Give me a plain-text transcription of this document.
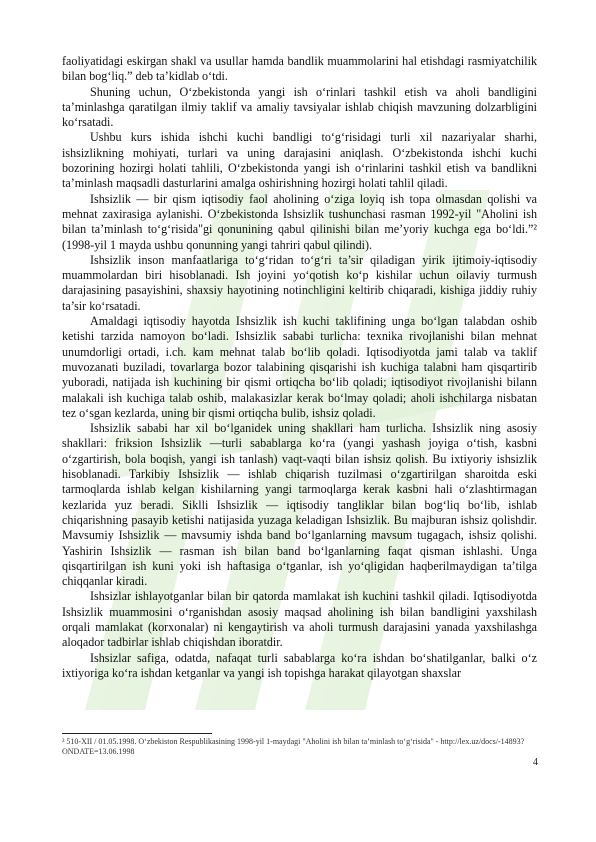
faoliyatidagi eskirgan shakl va usullar hamda bandlik muammolarini hal etishdagi rasmiyatchilik bilan bog‘liq.” deb ta’kidlab o‘tdi.

Shuning uchun, O‘zbekistonda yangi ish o‘rinlari tashkil etish va aholi bandligini ta’minlashga qaratilgan ilmiy taklif va amaliy tavsiyalar ishlab chiqish mavzuning dolzarbligini ko‘rsatadi.

Ushbu kurs ishida ishchi kuchi bandligi to‘g‘risidagi turli xil nazariyalar sharhi, ishsizlikning mohiyati, turlari va uning darajasini aniqlash. O‘zbekistonda ishchi kuchi bozorining hozirgi holati tahlili, O‘zbekistonda yangi ish o‘rinlarini tashkil etish va bandlikni ta’minlash maqsadli dasturlarini amalga oshirishning hozirgi holati tahlil qiladi.

Ishsizlik — bir qism iqtisodiy faol aholining o‘ziga loyiq ish topa olmasdan qolishi va mehnat zaxirasiga aylanishi. O‘zbekistonda Ishsizlik tushunchasi rasman 1992-yil "Aholini ish bilan ta’minlash to‘g‘risida"gi qonunining qabul qilinishi bilan me’yoriy kuchga ega bo‘ldi.”² (1998-yil 1 mayda ushbu qonunning yangi tahriri qabul qilindi).

Ishsizlik inson manfaatlariga to‘g‘ridan to‘g‘ri ta’sir qiladigan yirik ijtimoiy-iqtisodiy muammolardan biri hisoblanadi. Ish joyini yo‘qotish ko‘p kishilar uchun oilaviy turmush darajasining pasayishini, shaxsiy hayotining notinchligini keltirib chiqaradi, kishiga jiddiy ruhiy ta’sir ko‘rsatadi.

Amaldagi iqtisodiy hayotda Ishsizlik ish kuchi taklifining unga bo‘lgan talabdan oshib ketishi tarzida namoyon bo‘ladi. Ishsizlik sababi turlicha: texnika rivojlanishi bilan mehnat unumdorligi ortadi, i.ch. kam mehnat talab bo‘lib qoladi. Iqtisodiyotda jami talab va taklif muvozanati buziladi, tovarlarga bozor talabining qisqarishi ish kuchiga talabni ham qisqartirib yuboradi, natijada ish kuchining bir qismi ortiqcha bo‘lib qoladi; iqtisodiyot rivojlanishi bilann malakali ish kuchiga talab oshib, malakasizlar kerak bo‘lmay qoladi; aholi ishchilarga nisbatan tez o‘sgan kezlarda, uning bir qismi ortiqcha bulib, ishsiz qoladi.

Ishsizlik sababi har xil bo‘lganidek uning shakllari ham turlicha. Ishsizlik ning asosiy shakllari: friksion Ishsizlik —turli sabablarga ko‘ra (yangi yashash joyiga o‘tish, kasbni o‘zgartirish, bola boqish, yangi ish tanlash) vaqt-vaqti bilan ishsiz qolish. Bu ixtiyoriy ishsizlik hisoblanadi. Tarkibiy Ishsizlik — ishlab chiqarish tuzilmasi o‘zgartirilgan sharoitda eski tarmoqlarda ishlab kelgan kishilarning yangi tarmoqlarga kerak kasbni hali o‘zlashtirmagan kezlarida yuz beradi. Siklli Ishsizlik — iqtisodiy tangliklar bilan bog‘liq bo‘lib, ishlab chiqarishning pasayib ketishi natijasida yuzaga keladigan Ishsizlik. Bu majburan ishsiz qolishdir. Mavsumiy Ishsizlik — mavsumiy ishda band bo‘lganlarning mavsum tugagach, ishsiz qolishi. Yashirin Ishsizlik — rasman ish bilan band bo‘lganlarning faqat qisman ishlashi. Unga qisqartirilgan ish kuni yoki ish haftasiga o‘tganlar, ish yo‘qligidan haqberilmaydigan ta’tilga chiqqanlar kiradi.

Ishsizlar ishlayotganlar bilan bir qatorda mamlakat ish kuchini tashkil qiladi. Iqtisodiyotda Ishsizlik muammosini o‘rganishdan asosiy maqsad aholining ish bilan bandligini yaxshilash orqali mamlakat (korxonalar) ni kengaytirish va aholi turmush darajasini yanada yaxshilashga aloqador tadbirlar ishlab chiqishdan iboratdir.

Ishsizlar safiga, odatda, nafaqat turli sabablarga ko‘ra ishdan bo‘shatilganlar, balki o‘z ixtiyoriga ko‘ra ishdan ketganlar va yangi ish topishga harakat qilayotgan shaxslar

² 510-XII / 01.05.1998. O‘zbekiston Respublikasining 1998-yil 1-maydagi "Aholini ish bilan ta’minlash to‘g‘risida" - http://lex.uz/docs/-14893?ONDATE=13.06.1998
4
